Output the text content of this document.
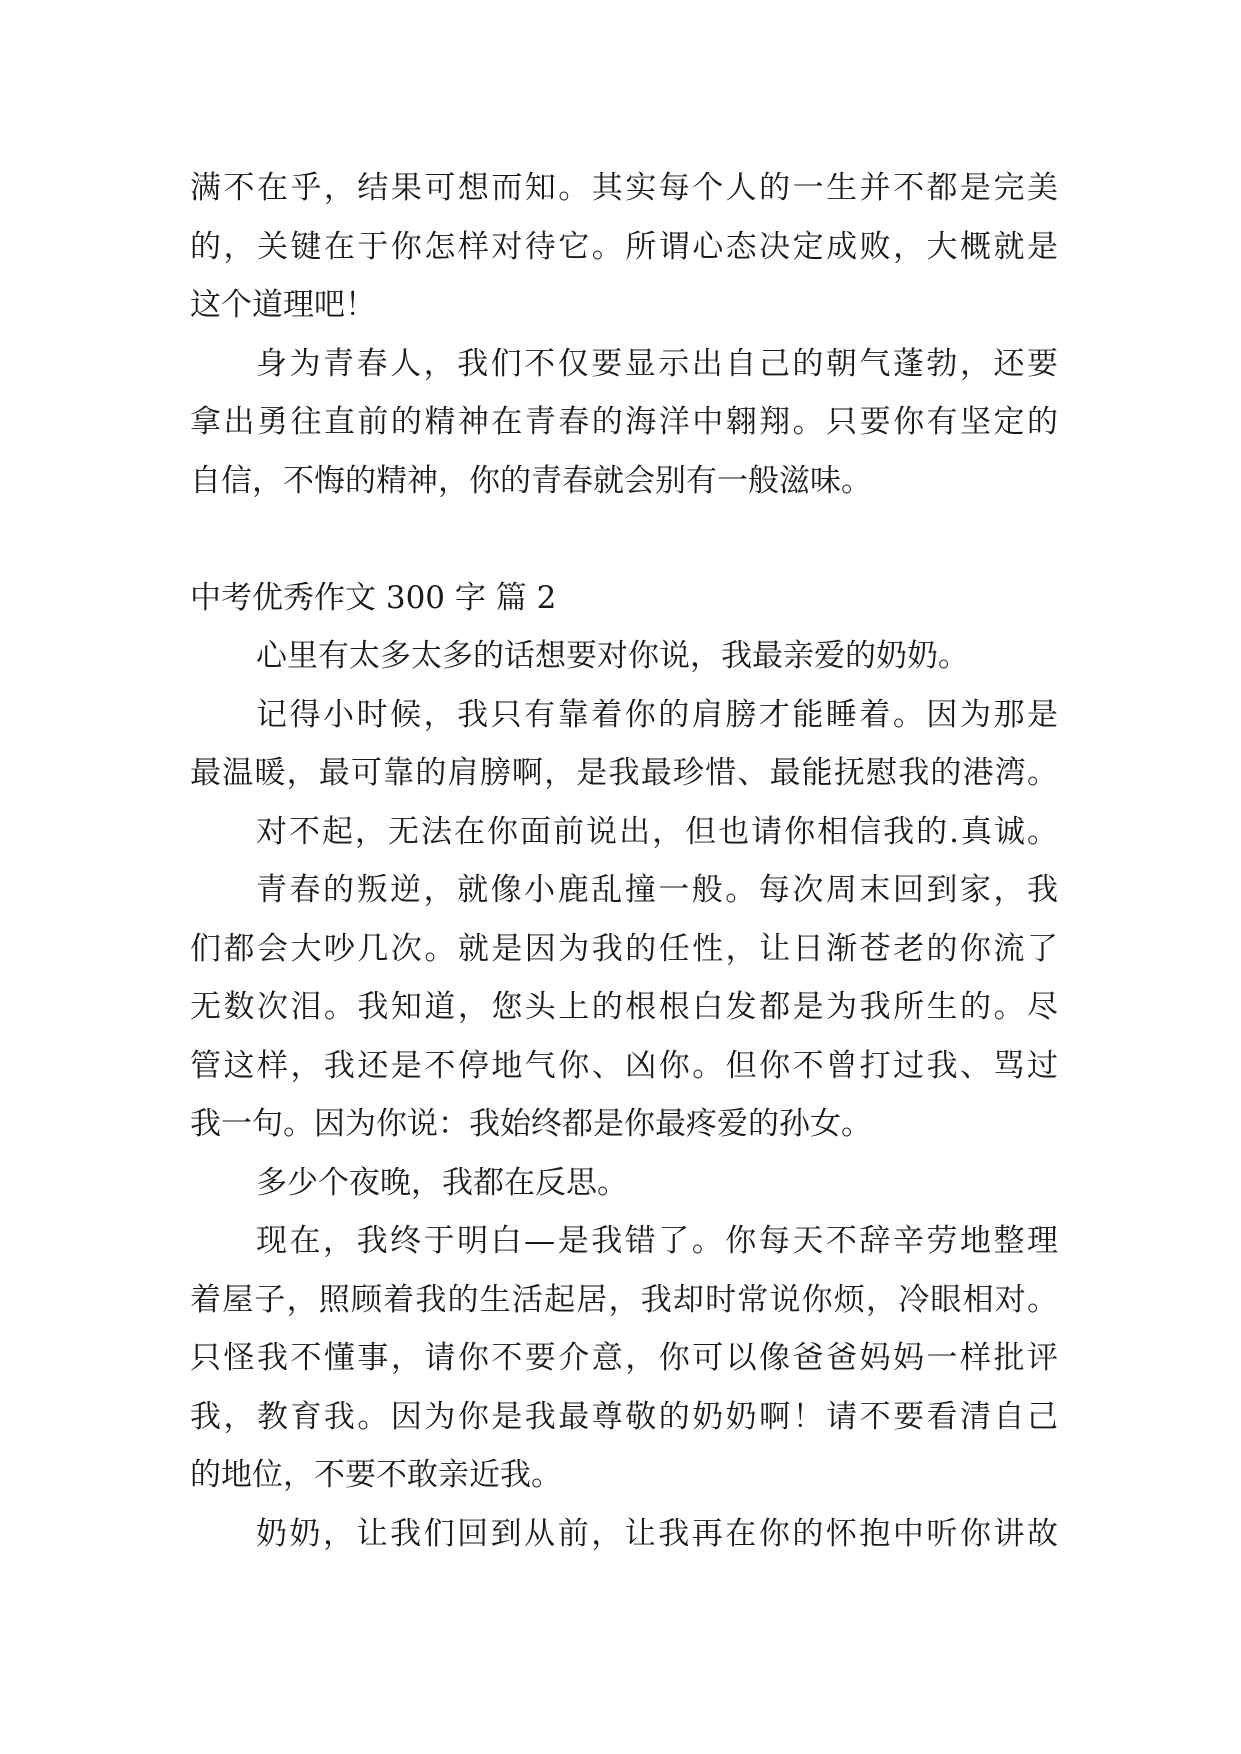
满不在乎，结果可想而知。其实每个人的一生并不都是完美
的，关键在于你怎样对待它。所谓心态决定成败，大概就是
这个道理吧！
身为青春人，我们不仅要显示出自己的朝气蓬勃，还要
拿出勇往直前的精神在青春的海洋中翱翔。只要你有坚定的
自信，不悔的精神，你的青春就会别有一般滋味。
中考优秀作文 300 字 篇 2
心里有太多太多的话想要对你说，我最亲爱的奶奶。
记得小时候，我只有靠着你的肩膀才能睡着。因为那是
最温暖，最可靠的肩膀啊，是我最珍惜、最能抚慰我的港湾。
对不起，无法在你面前说出，但也请你相信我的.真诚。
青春的叛逆，就像小鹿乱撞一般。每次周末回到家，我
们都会大吵几次。就是因为我的任性，让日渐苍老的你流了
无数次泪。我知道，您头上的根根白发都是为我所生的。尽
管这样，我还是不停地气你、凶你。但你不曾打过我、骂过
我一句。因为你说：我始终都是你最疼爱的孙女。
多少个夜晚，我都在反思。
现在，我终于明白—是我错了。你每天不辞辛劳地整理
着屋子，照顾着我的生活起居，我却时常说你烦，冷眼相对。
只怪我不懂事，请你不要介意，你可以像爸爸妈妈一样批评
我，教育我。因为你是我最尊敬的奶奶啊！请不要看清自己
的地位，不要不敢亲近我。
奶奶，让我们回到从前，让我再在你的怀抱中听你讲故
